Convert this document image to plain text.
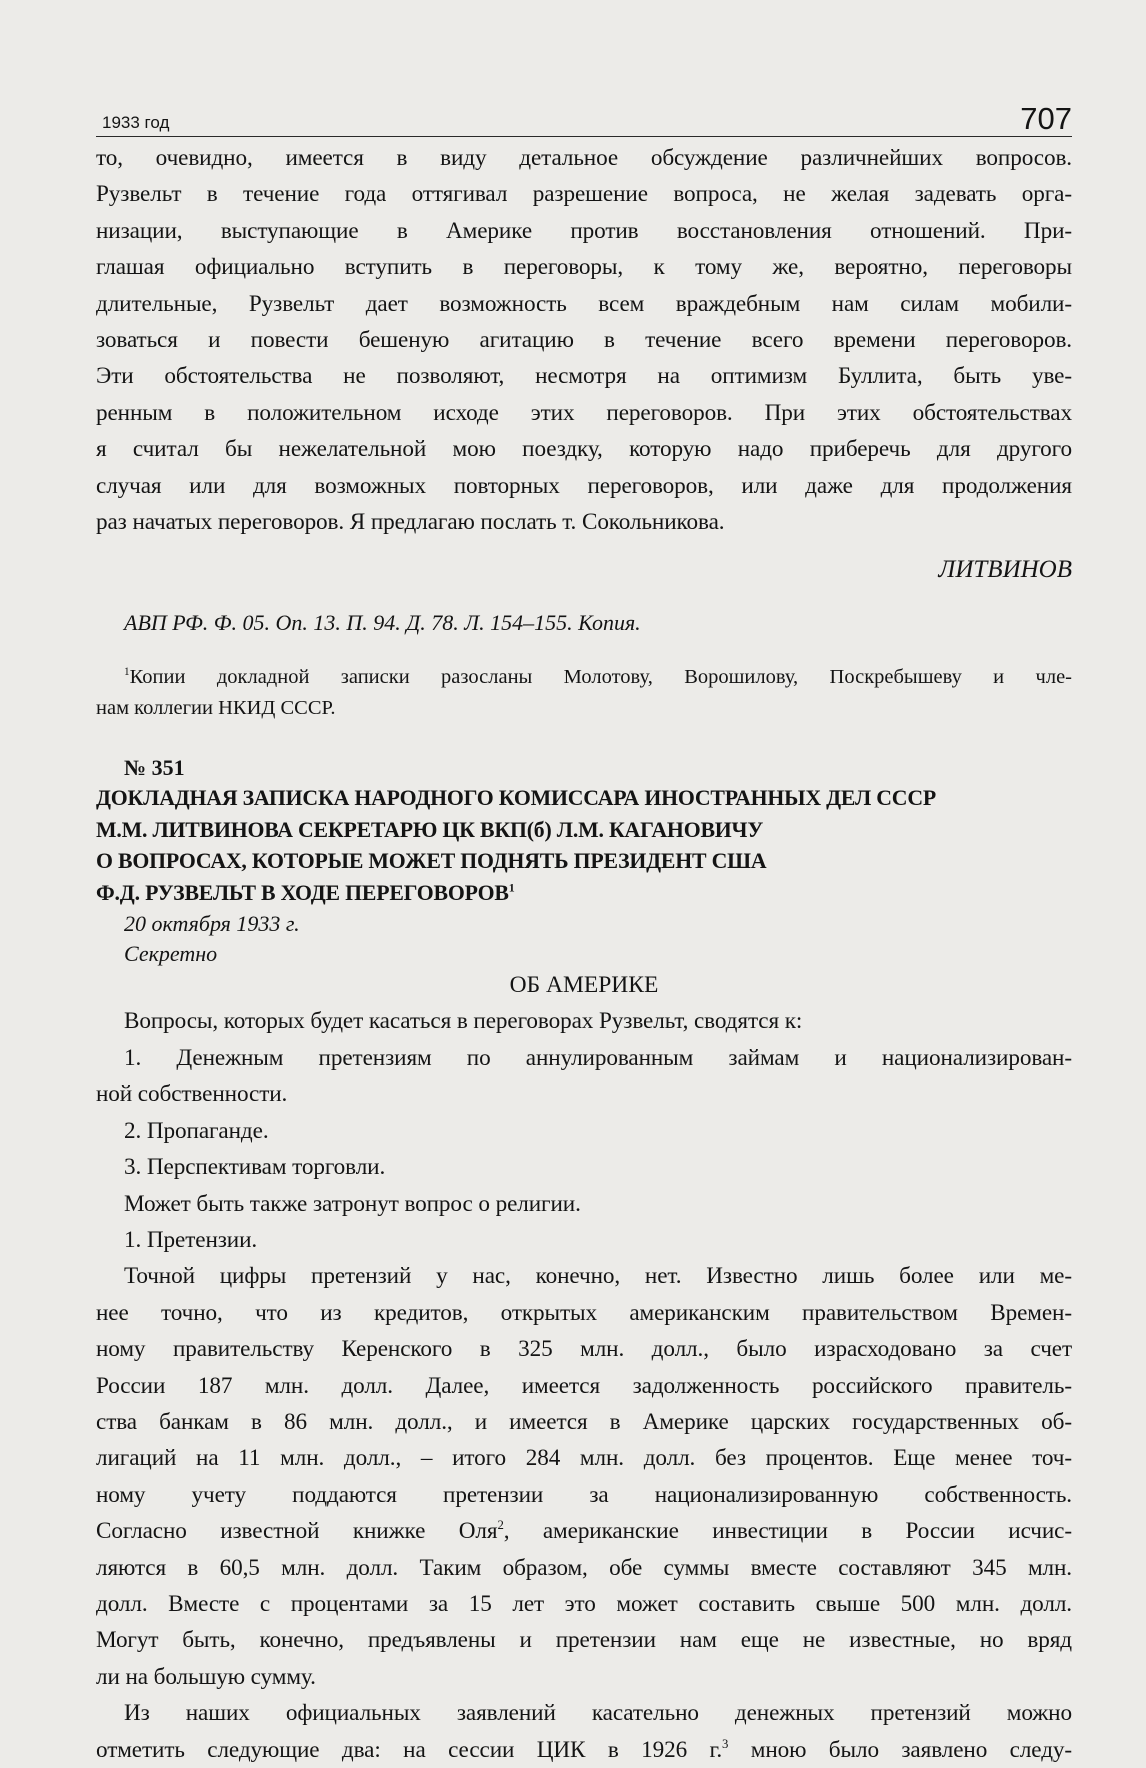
1933 год	707

то, очевидно, имеется в виду детальное обсуждение различнейших вопросов.

Рузвельт в течение года оттягивал разрешение вопроса, не желая задевать орга-

низации, выступающие в Америке против восстановления отношений. При-

глашая официально вступить в переговоры, к тому же, вероятно, переговоры

длительные, Рузвельт дает возможность всем враждебным нам силам мобили-

зоваться и повести бешеную агитацию в течение всего времени переговоров.

Эти обстоятельства не позволяют, несмотря на оптимизм Буллита, быть уве-

ренным в положительном исходе этих переговоров. При этих обстоятельствах

я считал бы нежелательной мою поездку, которую надо приберечь для другого

случая или для возможных повторных переговоров, или даже для продолжения

раз начатых переговоров. Я предлагаю послать т. Сокольникова.

ЛИТВИНОВ

АВП РФ. Ф. 05. Оп. 13. П. 94. Д. 78. Л. 154–155. Копия.

$^1$Копии докладной записки разосланы Молотову, Ворошилову, Поскребышеву и чле-

нам коллегии НКИД СССР.

№ 351

ДОКЛАДНАЯ ЗАПИСКА НАРОДНОГО КОМИССАРА ИНОСТРАННЫХ ДЕЛ СССР

М.М. ЛИТВИНОВА СЕКРЕТАРЮ ЦК ВКП(б) Л.М. КАГАНОВИЧУ

О ВОПРОСАХ, КОТОРЫЕ МОЖЕТ ПОДНЯТЬ ПРЕЗИДЕНТ США

Ф.Д. РУЗВЕЛЬТ В ХОДЕ ПЕРЕГОВОРОВ$^1$

20 октября 1933 г.

Секретно

ОБ АМЕРИКЕ

Вопросы, которых будет касаться в переговорах Рузвельт, сводятся к:

1. Денежным претензиям по аннулированным займам и национализирован-

ной собственности.

2. Пропаганде.

3. Перспективам торговли.

Может быть также затронут вопрос о религии.

1. Претензии.

Точной цифры претензий у нас, конечно, нет. Известно лишь более или ме-

нее точно, что из кредитов, открытых американским правительством Времен-

ному правительству Керенского в 325 млн. долл., было израсходовано за счет

России 187 млн. долл. Далее, имеется задолженность российского правитель-

ства банкам в 86 млн. долл., и имеется в Америке царских государственных об-

лигаций на 11 млн. долл., – итого 284 млн. долл. без процентов. Еще менее точ-

ному учету поддаются претензии за национализированную собственность.

Согласно известной книжке Оля$^2$, американские инвестиции в России исчис-

ляются в 60,5 млн. долл. Таким образом, обе суммы вместе составляют 345 млн.

долл. Вместе с процентами за 15 лет это может составить свыше 500 млн. долл.

Могут быть, конечно, предъявлены и претензии нам еще не известные, но вряд

ли на большую сумму.

Из наших официальных заявлений касательно денежных претензий можно

отметить следующие два: на сессии ЦИК в 1926 г.$^3$ мною было заявлено следу-
